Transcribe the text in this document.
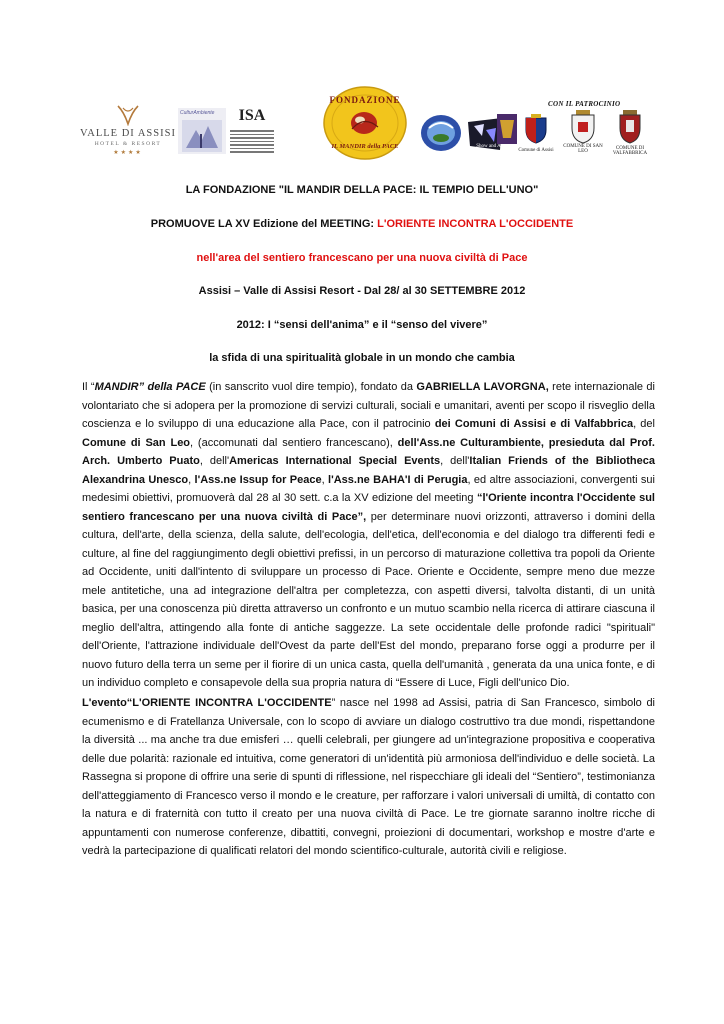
CON IL PATROCINIO
VALLE DI ASSISI
HOTEL & RESORT
★★★★
CulturAmbiente ISA
FONDAZIONE
IL MANDIR della PACE	Show and Art
Comune di Assisi
COMUNE DI SAN LEO
COMUNE DI VALFABBRICA
LA FONDAZIONE "IL MANDIR DELLA PACE: IL TEMPIO DELL'UNO"
PROMUOVE LA XV Edizione del MEETING: L'ORIENTE INCONTRA L'OCCIDENTE
nell'area del sentiero francescano per una nuova civiltà di Pace
Assisi – Valle di Assisi Resort - Dal 28/ al 30 SETTEMBRE 2012
2012: I “sensi dell'anima” e il “senso del vivere”
la sfida di una spiritualità globale in un mondo che cambia
Il “MANDIR” della PACE (in sanscrito vuol dire tempio), fondato da GABRIELLA LAVORGNA, rete internazionale di volontariato che si adopera per la promozione di servizi culturali, sociali e umanitari, aventi per scopo il risveglio della coscienza e lo sviluppo di una educazione alla Pace, con il patrocinio dei Comuni di Assisi e di Valfabbrica, del Comune di San Leo, (accomunati dal sentiero francescano), dell'Ass.ne Culturambiente, presieduta dal Prof. Arch. Umberto Puato, dell'Americas International Special Events, dell'Italian Friends of the Bibliotheca Alexandrina Unesco, l'Ass.ne Issup for Peace, l'Ass.ne BAHA'I di Perugia, ed altre associazioni, convergenti sui medesimi obiettivi, promuoverà dal 28 al 30 sett. c.a la XV edizione del meeting “l'Oriente incontra l'Occidente sul sentiero francescano per una nuova civiltà di Pace”, per determinare nuovi orizzonti, attraverso i domini della cultura, dell'arte, della scienza, della salute, dell'ecologia, dell'etica, dell'economia e del dialogo tra differenti fedi e culture, al fine del raggiungimento degli obiettivi prefissi, in un percorso di maturazione collettiva tra popoli da Oriente ad Occidente, uniti dall'intento di sviluppare un processo di Pace. Oriente e Occidente, sempre meno due mezze mele antitetiche, una ad integrazione dell'altra per completezza, con aspetti diversi, talvolta distanti, di un unità basica, per una conoscenza più diretta attraverso un confronto e un mutuo scambio nella ricerca di attirare ciascuna il meglio dell'altra, attingendo alla fonte di antiche saggezze. La sete occidentale delle profonde radici "spirituali" dell'Oriente, l'attrazione individuale dell'Ovest da parte dell'Est del mondo, preparano forse oggi a produrre per il nuovo futuro della terra un seme per il fiorire di un unica casta, quella dell'umanità , generata da una unica fonte, e di un individuo completo e consapevole della sua propria natura di “Essere di Luce, Figli dell'unico Dio.
L'evento“L'ORIENTE INCONTRA L'OCCIDENTE” nasce nel 1998 ad Assisi, patria di San Francesco, simbolo di ecumenismo e di Fratellanza Universale, con lo scopo di avviare un dialogo costruttivo tra due mondi, rispettandone la diversità ... ma anche tra due emisferi … quelli celebrali, per giungere ad un'integrazione propositiva e cooperativa delle due polarità: razionale ed intuitiva, come generatori di un'identità più armoniosa dell'individuo e delle società. La Rassegna si propone di offrire una serie di spunti di riflessione, nel rispecchiare gli ideali del “Sentiero”, testimonianza dell'atteggiamento di Francesco verso il mondo e le creature, per rafforzare i valori universali di umiltà, di contatto con la natura e di fraternità con tutto il creato per una nuova civiltà di Pace. Le tre giornate saranno inoltre ricche di appuntamenti con numerose conferenze, dibattiti, convegni, proiezioni di documentari, workshop e mostre d'arte e vedrà la partecipazione di qualificati relatori del mondo scientifico-culturale, autorità civili e religiose.
